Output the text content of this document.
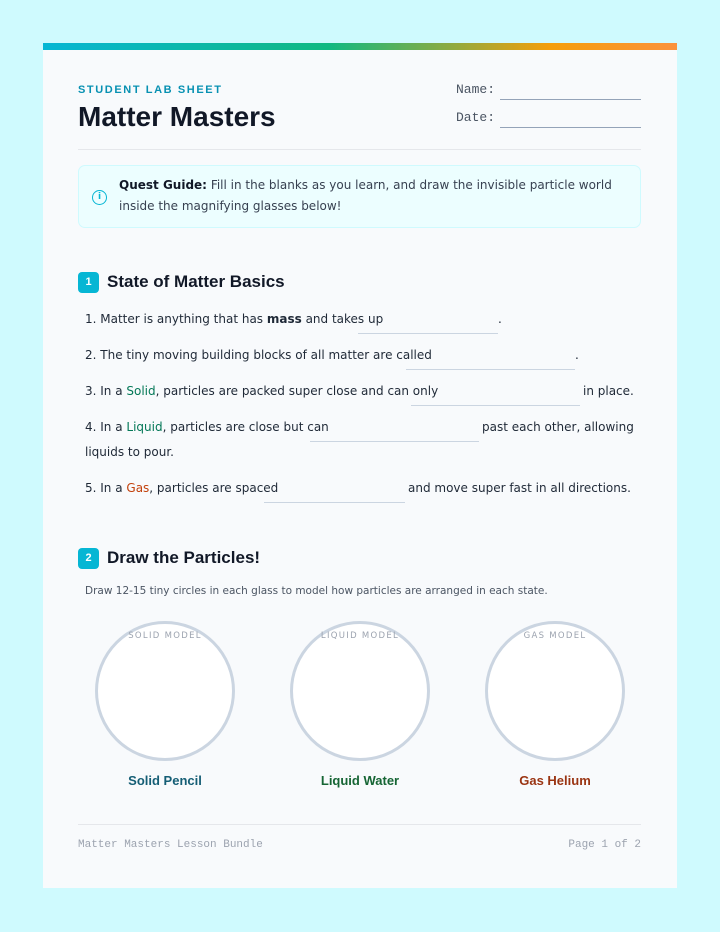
STUDENT LAB SHEET
Matter Masters
Name:
Date:
i
Quest Guide: Fill in the blanks as you learn, and draw the invisible particle world inside the magnifying glasses below!
1 State of Matter Basics
1. Matter is anything that has mass and takes up	.
2. The tiny moving building blocks of all matter are called	.
3. In a Solid, particles are packed super close and can only	in place.
4. In a Liquid, particles are close but can	past each other, allowing
liquids to pour.
5. In a Gas, particles are spaced	and move super fast in all directions.
2 Draw the Particles!
Draw 12-15 tiny circles in each glass to model how particles are arranged in each state.
SOLID MODEL	LIQUID MODEL	GAS MODEL
Solid Pencil	Liquid Water	Gas Helium
Matter Masters Lesson Bundle	Page 1 of 2
